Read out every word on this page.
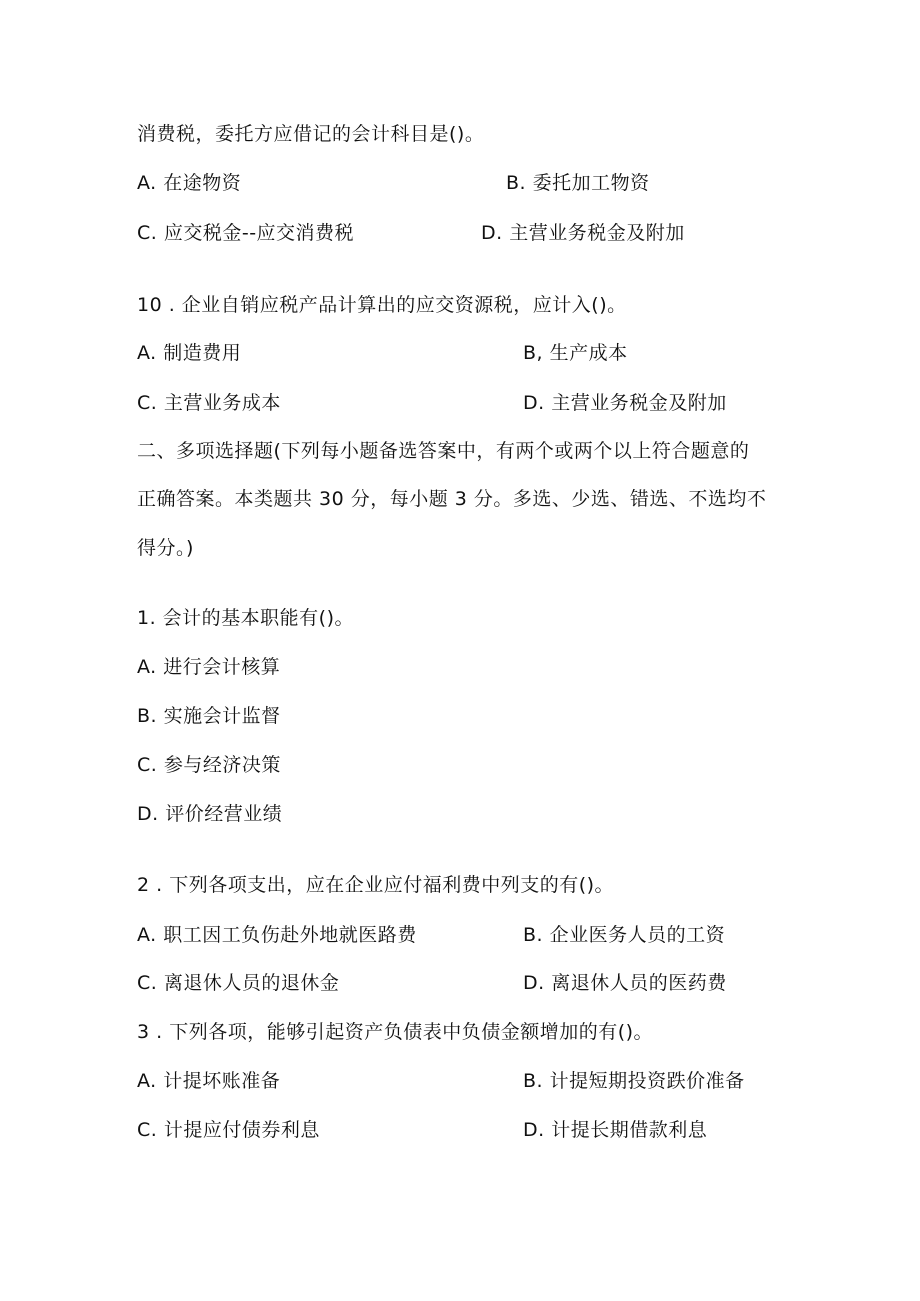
消费税，委托方应借记的会计科目是()。
A. 在途物资	B. 委托加工物资
C. 应交税金--应交消费税	D. 主营业务税金及附加
10 . 企业自销应税产品计算出的应交资源税，应计入()。
A. 制造费用	B, 生产成本
C. 主营业务成本	D. 主营业务税金及附加
二、多项选择题(下列每小题备选答案中，有两个或两个以上符合题意的
正确答案。本类题共 30 分，每小题 3 分。多选、少选、错选、不选均不
得分。)
1. 会计的基本职能有()。
A. 进行会计核算
B. 实施会计监督
C. 参与经济决策
D. 评价经营业绩
2 . 下列各项支出，应在企业应付福利费中列支的有()。
A. 职工因工负伤赴外地就医路费	B. 企业医务人员的工资
C. 离退休人员的退休金	D. 离退休人员的医药费
3 . 下列各项，能够引起资产负债表中负债金额增加的有()。
A. 计提坏账准备	B. 计提短期投资跌价准备
C. 计提应付债券利息	D. 计提长期借款利息
